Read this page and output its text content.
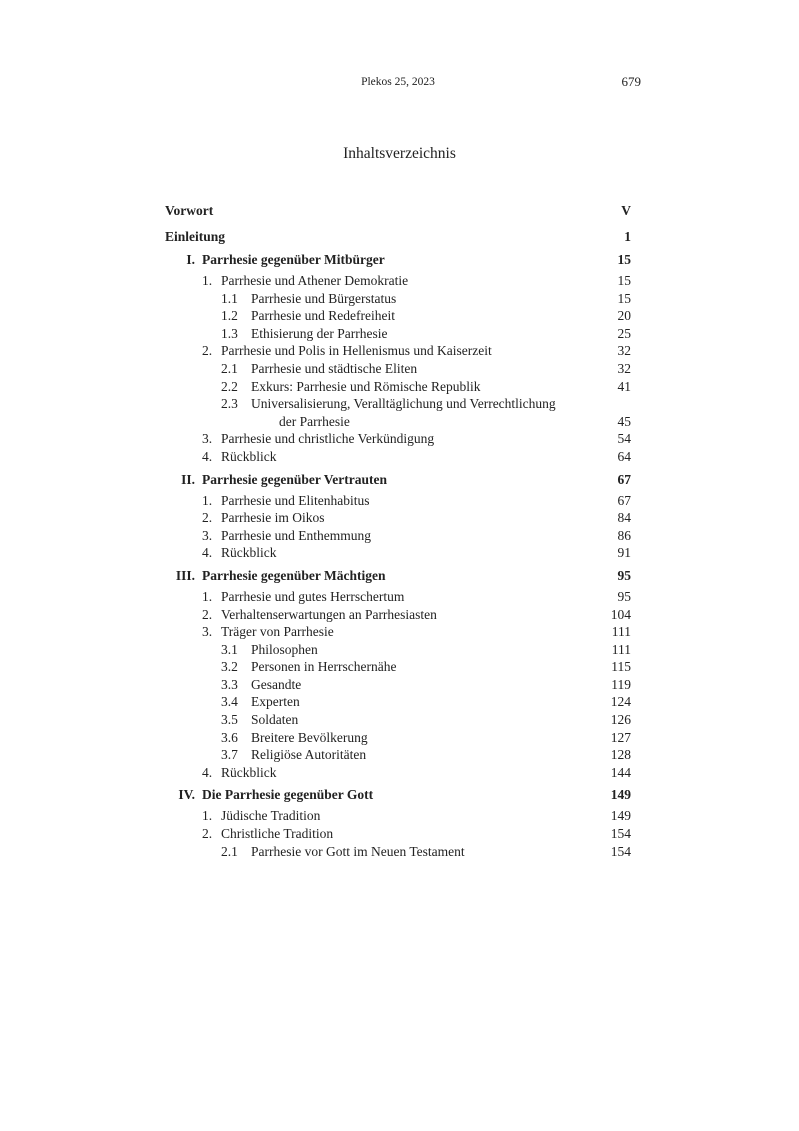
Plekos 25, 2023	679
Inhaltsverzeichnis
Vorwort	V
Einleitung	1
I. Parrhesie gegenüber Mitbürger	15
1. Parrhesie und Athener Demokratie	15
1.1 Parrhesie und Bürgerstatus	15
1.2 Parrhesie und Redefreiheit	20
1.3 Ethisierung der Parrhesie	25
2. Parrhesie und Polis in Hellenismus und Kaiserzeit	32
2.1 Parrhesie und städtische Eliten	32
2.2 Exkurs: Parrhesie und Römische Republik	41
2.3 Universalisierung, Veralltäglichung und Verrechtlichung
der Parrhesie	45
3. Parrhesie und christliche Verkündigung	54
4. Rückblick	64
II. Parrhesie gegenüber Vertrauten	67
1. Parrhesie und Elitenhabitus	67
2. Parrhesie im Oikos	84
3. Parrhesie und Enthemmung	86
4. Rückblick	91
III. Parrhesie gegenüber Mächtigen	95
1. Parrhesie und gutes Herrschertum	95
2. Verhaltenserwartungen an Parrhesiasten	104
3. Träger von Parrhesie	111
3.1 Philosophen	111
3.2 Personen in Herrschernähe	115
3.3 Gesandte	119
3.4 Experten	124
3.5 Soldaten	126
3.6 Breitere Bevölkerung	127
3.7 Religiöse Autoritäten	128
4. Rückblick	144
IV. Die Parrhesie gegenüber Gott	149
1. Jüdische Tradition	149
2. Christliche Tradition	154
2.1 Parrhesie vor Gott im Neuen Testament	154
